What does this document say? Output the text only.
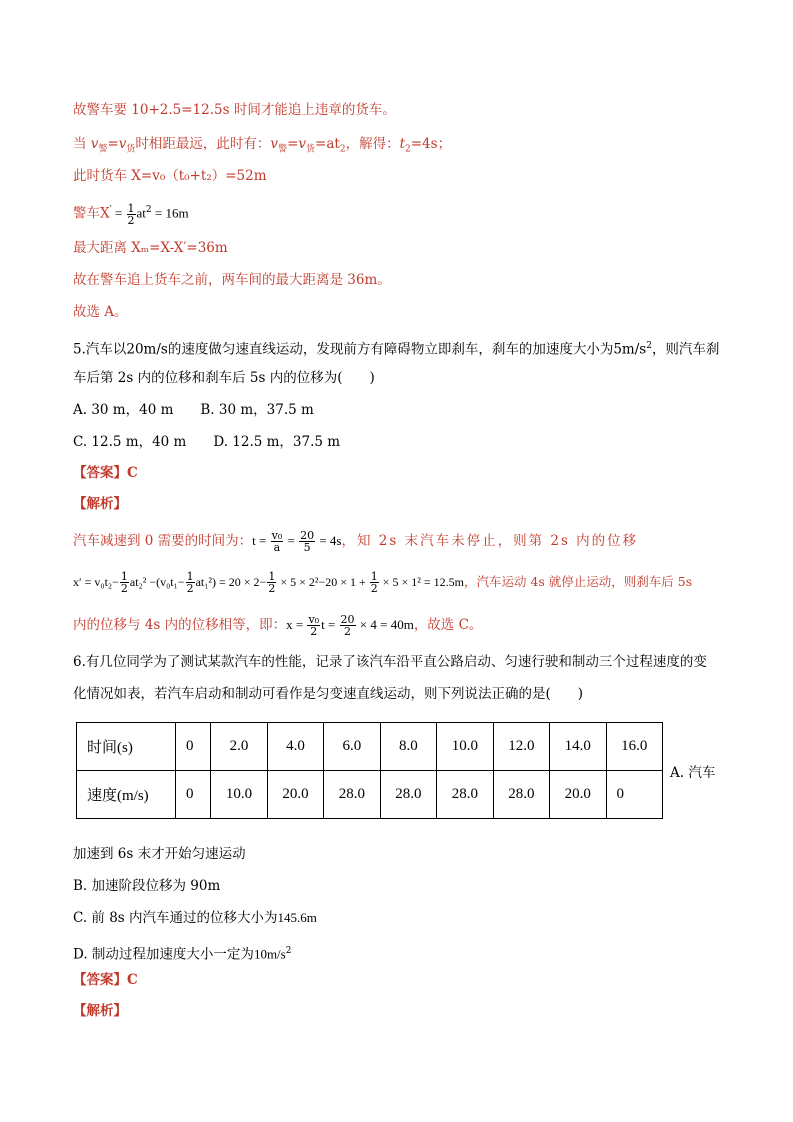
故警车要 10+2.5=12.5s 时间才能追上违章的货车。
当 $v_警=v_货$时相距最远，此时有：$v_警=v_货=at_2$，解得：$t_2=4s$；
此时货车 X=v₀（t₀+t₂）=52m
警车$X' = \frac{1}{2} at^2 = 16m$
最大距离 Xₘ=X-X′=36m
故在警车追上货车之前，两车间的最大距离是 36m。
故选 A。
5.汽车以20m/s的速度做匀速直线运动，发现前方有障碍物立即刹车，刹车的加速度大小为$5m/s^2$，则汽车刹
车后第 2s 内的位移和刹车后 5s 内的位移为(　　)
A. 30 m，40 m　　B. 30 m，37.5 m
C. 12.5 m，40 m　　D. 12.5 m，37.5 m
【答案】C
【解析】
汽车减速到 0 需要的时间为：$t = \frac{\text{v₀}}{a} = \frac{20}{5} = 4s$，知 2s 末汽车未停止，则第 2s 内的位移
$x' = v_0t_2- \frac{1}{2} at_2^2 -(v_0t_1- \frac{1}{2} at_1^2) = 20 \times 2- \frac{1}{2} \times 5 \times 2^2-20 \times 1 + \frac{1}{2} \times 5 \times 1^2 = 12.5m$，汽车运动 4s 就停止运动，则刹车后 5s
内的位移与 4s 内的位移相等，即：$x = \frac{\text{v₀}}{2}$ $t = \frac{20}{2} \times 4 = 40m$，故选 C。
6.有几位同学为了测试某款汽车的性能，记录了该汽车沿平直公路启动、匀速行驶和制动三个过程速度的变
化情况如表，若汽车启动和制动可看作是匀变速直线运动，则下列说法正确的是(　　)
时间(s)	0	2.0	4.0	6.0	8.0	10.0	12.0	14.0	16.0
速度(m/s)	0	10.0	20.0	28.0	28.0	28.0	28.0	20.0	0
A. 汽车
加速到 6s 末才开始匀速运动
B. 加速阶段位移为 90m
C. 前 8s 内汽车通过的位移大小为145.6m
D. 制动过程加速度大小一定为$10m/s^2$
【答案】C
【解析】
